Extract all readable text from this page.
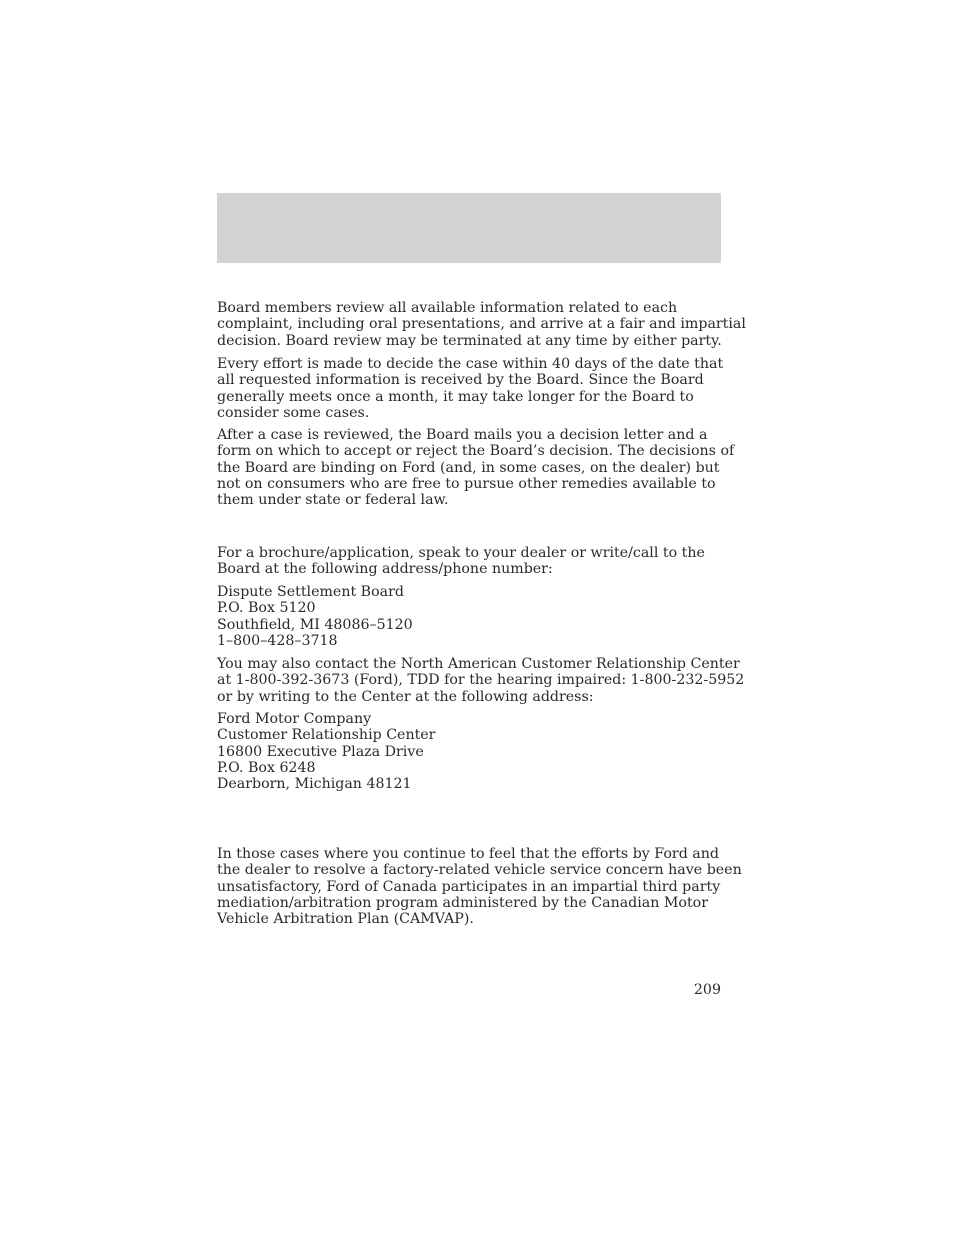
Board members review all available information related to each
complaint, including oral presentations, and arrive at a fair and impartial
decision. Board review may be terminated at any time by either party.

Every effort is made to decide the case within 40 days of the date that
all requested information is received by the Board. Since the Board
generally meets once a month, it may take longer for the Board to
consider some cases.

After a case is reviewed, the Board mails you a decision letter and a
form on which to accept or reject the Board’s decision. The decisions of
the Board are binding on Ford (and, in some cases, on the dealer) but
not on consumers who are free to pursue other remedies available to
them under state or federal law.

For a brochure/application, speak to your dealer or write/call to the
Board at the following address/phone number:

Dispute Settlement Board
P.O. Box 5120
Southfield, MI 48086–5120
1–800–428–3718

You may also contact the North American Customer Relationship Center
at 1-800-392-3673 (Ford), TDD for the hearing impaired: 1-800-232-5952
or by writing to the Center at the following address:

Ford Motor Company
Customer Relationship Center
16800 Executive Plaza Drive
P.O. Box 6248
Dearborn, Michigan 48121

In those cases where you continue to feel that the efforts by Ford and
the dealer to resolve a factory-related vehicle service concern have been
unsatisfactory, Ford of Canada participates in an impartial third party
mediation/arbitration program administered by the Canadian Motor
Vehicle Arbitration Plan (CAMVAP).

209
